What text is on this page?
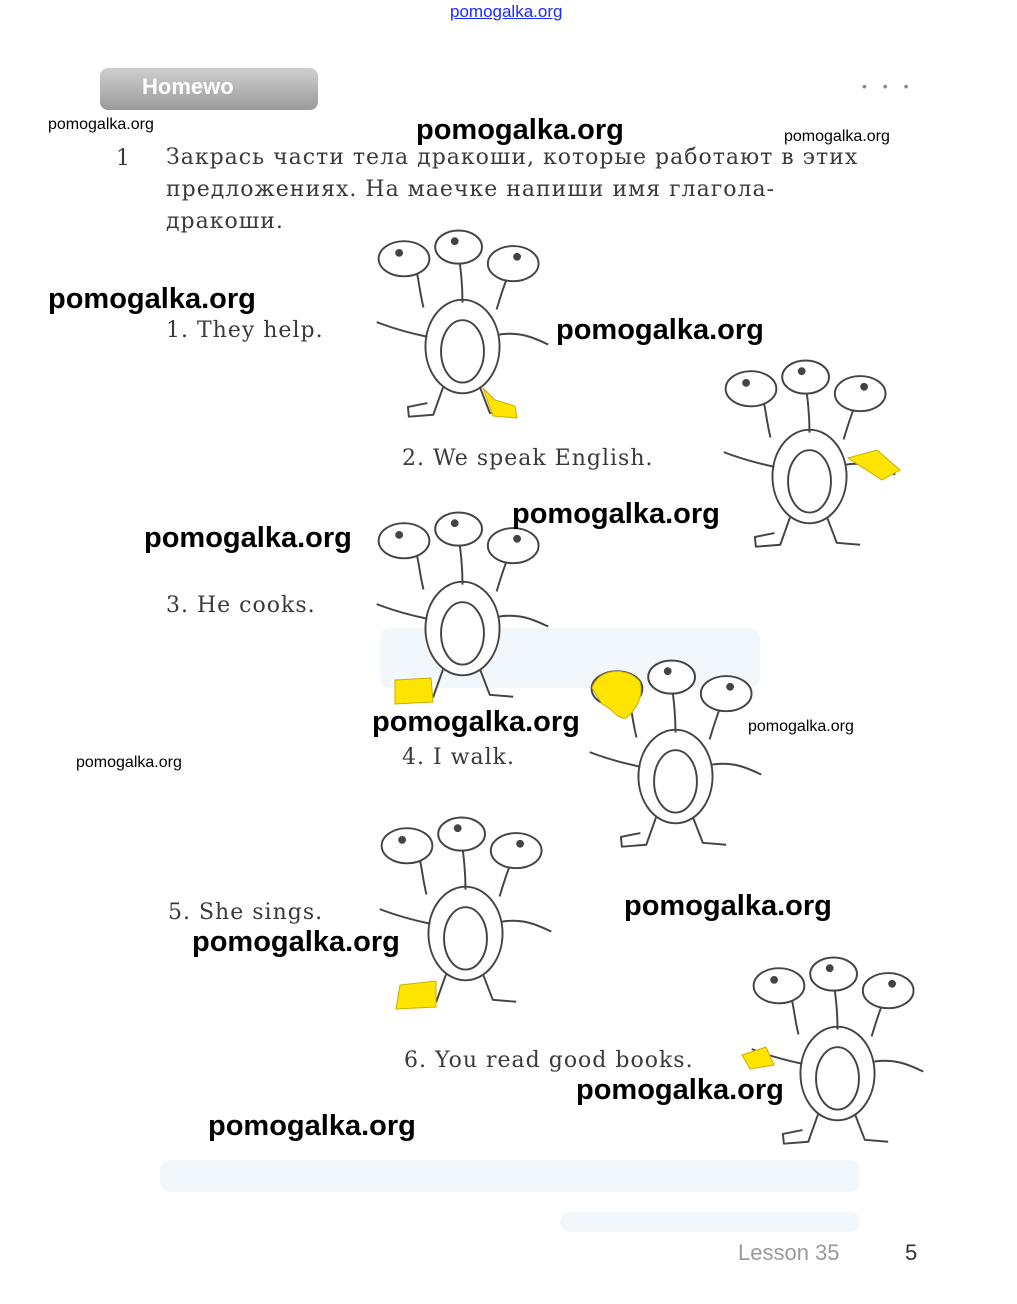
pomogalka.org
Homewo	• • •
1 Закрась части тела дракоши, которые работают в этих предложениях. На маечке напиши имя глагола-дракоши.
1. They help.
2. We speak English.
3. He cooks.
4. I walk.
5. She sings.
6. You read good books.
pomogalka.org	pomogalka.org	pomogalka.org
pomogalka.org
pomogalka.org
pomogalka.org
pomogalka.org
pomogalka.org	pomogalka.org
pomogalka.org
pomogalka.org
pomogalka.org
pomogalka.org
pomogalka.org
Lesson 35	5
